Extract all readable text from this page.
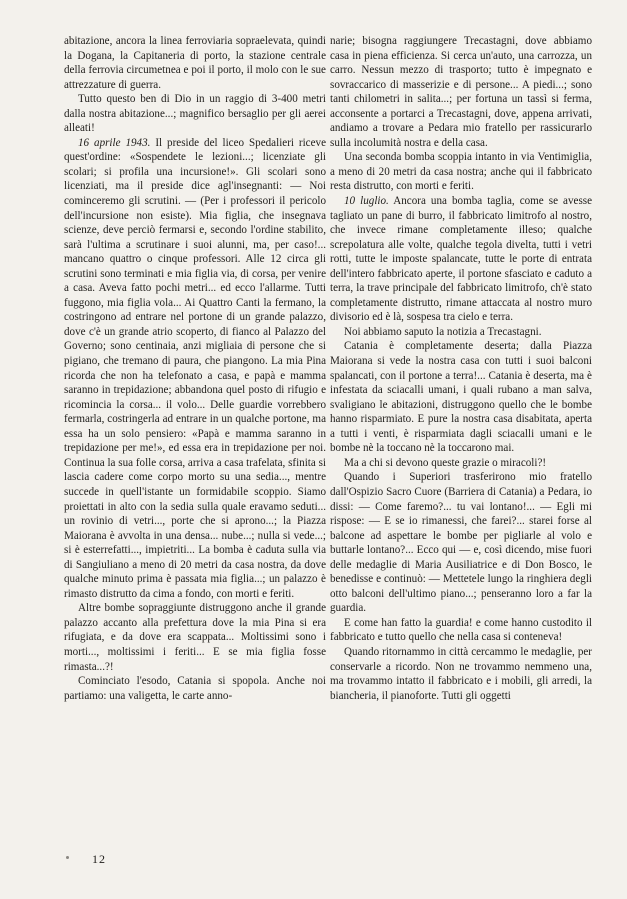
abitazione, ancora la linea ferroviaria sopraelevata, quindi la Dogana, la Capitaneria di porto, la stazione centrale della ferrovia circumetnea e poi il porto, il molo con le sue attrezzature di guerra.

Tutto questo ben di Dio in un raggio di 3-400 metri dalla nostra abitazione...; magnifico bersaglio per gli aerei alleati!

16 aprile 1943. Il preside del liceo Spedalieri riceve quest'ordine: «Sospendete le lezioni...; licenziate gli scolari; si profila una incursione!». Gli scolari sono licenziati, ma il preside dice agl'insegnanti: — Noi cominceremo gli scrutini. — (Per i professori il pericolo dell'incursione non esiste). Mia figlia, che insegnava scienze, deve perciò fermarsi e, secondo l'ordine stabilito, sarà l'ultima a scrutinare i suoi alunni, ma, per caso!... mancano quattro o cinque professori. Alle 12 circa gli scrutini sono terminati e mia figlia via, di corsa, per venire a casa. Aveva fatto pochi metri... ed ecco l'allarme. Tutti fuggono, mia figlia vola... Ai Quattro Canti la fermano, la costringono ad entrare nel portone di un grande palazzo, dove c'è un grande atrio scoperto, di fianco al Palazzo del Governo; sono centinaia, anzi migliaia di persone che si pigiano, che tremano di paura, che piangono. La mia Pina ricorda che non ha telefonato a casa, e papà e mamma saranno in trepidazione; abbandona quel posto di rifugio e ricomincia la corsa... il volo... Delle guardie vorrebbero fermarla, costringerla ad entrare in un qualche portone, ma essa ha un solo pensiero: «Papà e mamma saranno in trepidazione per me!», ed essa era in trepidazione per noi. Continua la sua folle corsa, arriva a casa trafelata, sfinita si lascia cadere come corpo morto su una sedia..., mentre succede in quell'istante un formidabile scoppio. Siamo proiettati in alto con la sedia sulla quale eravamo seduti... un rovinio di vetri..., porte che si aprono...; la Piazza Maiorana è avvolta in una densa... nube...; nulla si vede...; si è esterrefatti..., impietriti... La bomba è caduta sulla via di Sangiuliano a meno di 20 metri da casa nostra, da dove qualche minuto prima è passata mia figlia...; un palazzo è rimasto distrutto da cima a fondo, con morti e feriti.

Altre bombe sopraggiunte distruggono anche il grande palazzo accanto alla prefettura dove la mia Pina si era rifugiata, e da dove era scappata... Moltissimi sono i morti..., moltissimi i feriti... E se mia figlia fosse rimasta...?!

Cominciato l'esodo, Catania si spopola. Anche noi partiamo: una valigetta, le carte anno-

narie; bisogna raggiungere Trecastagni, dove abbiamo casa in piena efficienza. Si cerca un'auto, una carrozza, un carro. Nessun mezzo di trasporto; tutto è impegnato e sovraccarico di masserizie e di persone... A piedi...; sono tanti chilometri in salita...; per fortuna un tassì si ferma, acconsente a portarci a Trecastagni, dove, appena arrivati, andiamo a trovare a Pedara mio fratello per rassicurarlo sulla incolumità nostra e della casa.

Una seconda bomba scoppia intanto in via Ventimiglia, a meno di 20 metri da casa nostra; anche qui il fabbricato resta distrutto, con morti e feriti.

10 luglio. Ancora una bomba taglia, come se avesse tagliato un pane di burro, il fabbricato limitrofo al nostro, che invece rimane completamente illeso; qualche screpolatura alle volte, qualche tegola divelta, tutti i vetri rotti, tutte le imposte spalancate, tutte le porte di entrata dell'intero fabbricato aperte, il portone sfasciato e caduto a terra, la trave principale del fabbricato limitrofo, ch'è stato completamente distrutto, rimane attaccata al nostro muro divisorio ed è là, sospesa tra cielo e terra.

Noi abbiamo saputo la notizia a Trecastagni.

Catania è completamente deserta; dalla Piazza Maiorana si vede la nostra casa con tutti i suoi balconi spalancati, con il portone a terra!... Catania è deserta, ma è infestata da sciacalli umani, i quali rubano a man salva, svaligiano le abitazioni, distruggono quello che le bombe hanno risparmiato. E pure la nostra casa disabitata, aperta a tutti i venti, è risparmiata dagli sciacalli umani e le bombe nè la toccano nè la toccarono mai.

Ma a chi si devono queste grazie o miracoli?!

Quando i Superiori trasferirono mio fratello dall'Ospizio Sacro Cuore (Barriera di Catania) a Pedara, io dissi: — Come faremo?... tu vai lontano!... — Egli mi rispose: — E se io rimanessi, che farei?... starei forse al balcone ad aspettare le bombe per pigliarle al volo e buttarle lontano?... Ecco qui — e, così dicendo, mise fuori delle medaglie di Maria Ausiliatrice e di Don Bosco, le benedisse e continuò: — Mettetele lungo la ringhiera degli otto balconi dell'ultimo piano...; penseranno loro a far la guardia.

E come han fatto la guardia! e come hanno custodito il fabbricato e tutto quello che nella casa si conteneva!

Quando ritornammo in città cercammo le medaglie, per conservarle a ricordo. Non ne trovammo nemmeno una, ma trovammo intatto il fabbricato e i mobili, gli arredi, la biancheria, il pianoforte. Tutti gli oggetti

12
